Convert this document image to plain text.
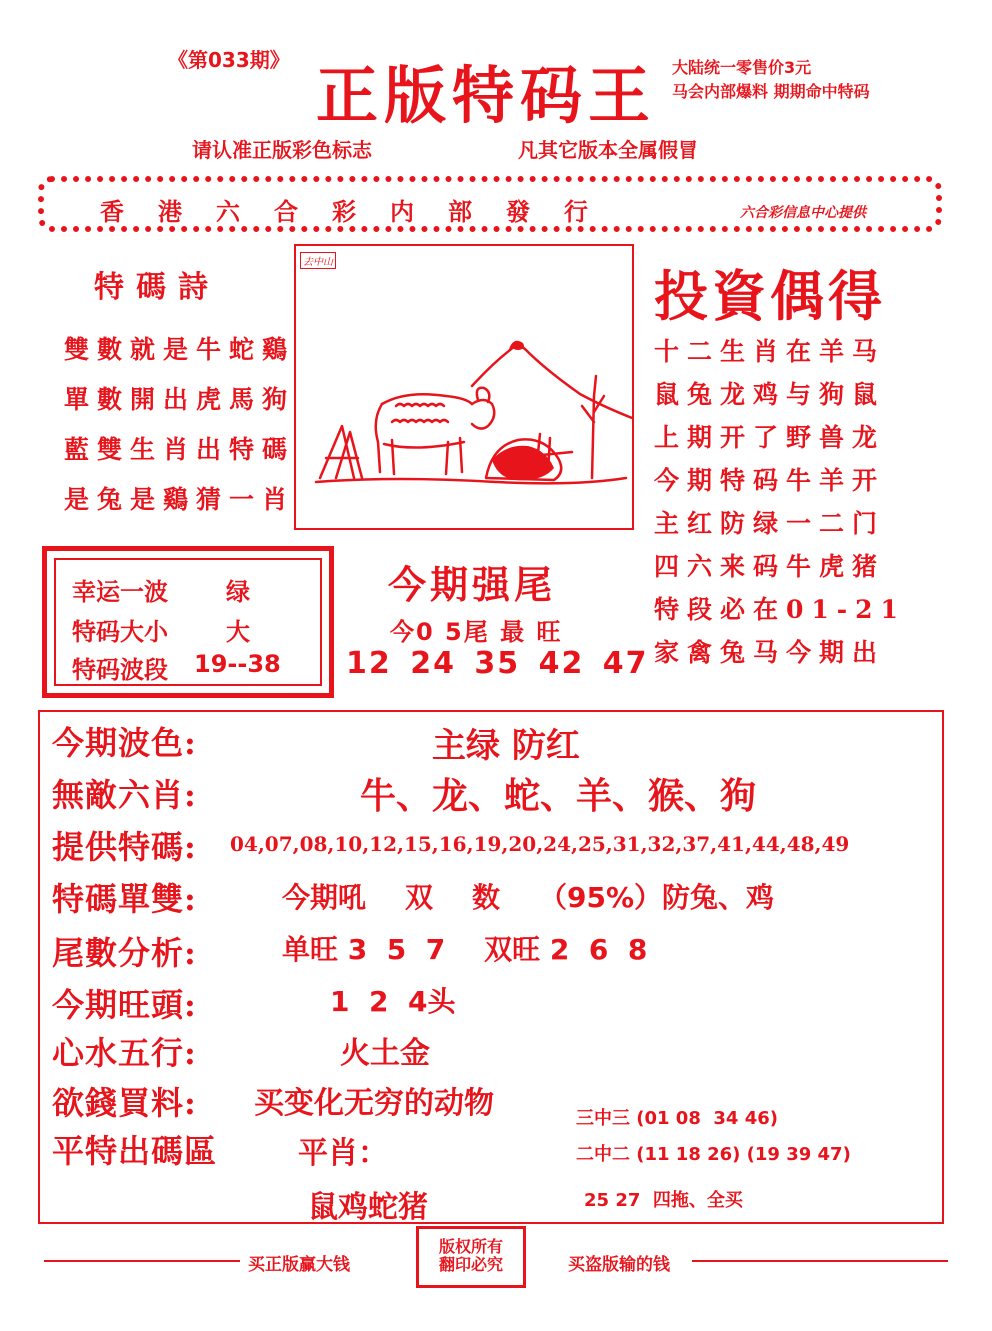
《第033期》 正版特码王 大陆统一零售价3元
马会内部爆料 期期命中特码
请认准正版彩色标志	凡其它版本全属假冒
香港六合彩内部發行	六合彩信息中心提供
特碼詩
雙數就是牛蛇鷄
單數開出虎馬狗
藍雙生肖出特碼
是兔是鷄猜一肖
去中山
投資偶得
十二生肖在羊马
鼠兔龙鸡与狗鼠
上期开了野兽龙
今期特码牛羊开
主红防绿一二门
四六来码牛虎猪
特段必在01-21
家禽兔马今期出
幸运一波 绿
特码大小 大
特码波段 19--38
今期强尾
今0 5尾 最 旺
12 24 35 42 47
今期波色:	主绿 防红
無敵六肖:	牛、龙、蛇、羊、猴、狗
提供特碼: 04,07,08,10,12,15,16,19,20,24,25,31,32,37,41,44,48,49
特碼單雙:	今期吼    双    数    （95%）防兔、鸡
尾數分析:	单旺 3  5  7    双旺 2  6  8
今期旺頭:	1  2  4头
心水五行:	火土金
欲錢買料: 买变化无穷的动物
平特出碼區	平肖：
鼠鸡蛇猪
三中三 (01 08  34 46)
二中二 (11 18 26) (19 39 47)
25 27  四拖、全买
买正版赢大钱	买盗版输的钱
版权所有 翻印必究
